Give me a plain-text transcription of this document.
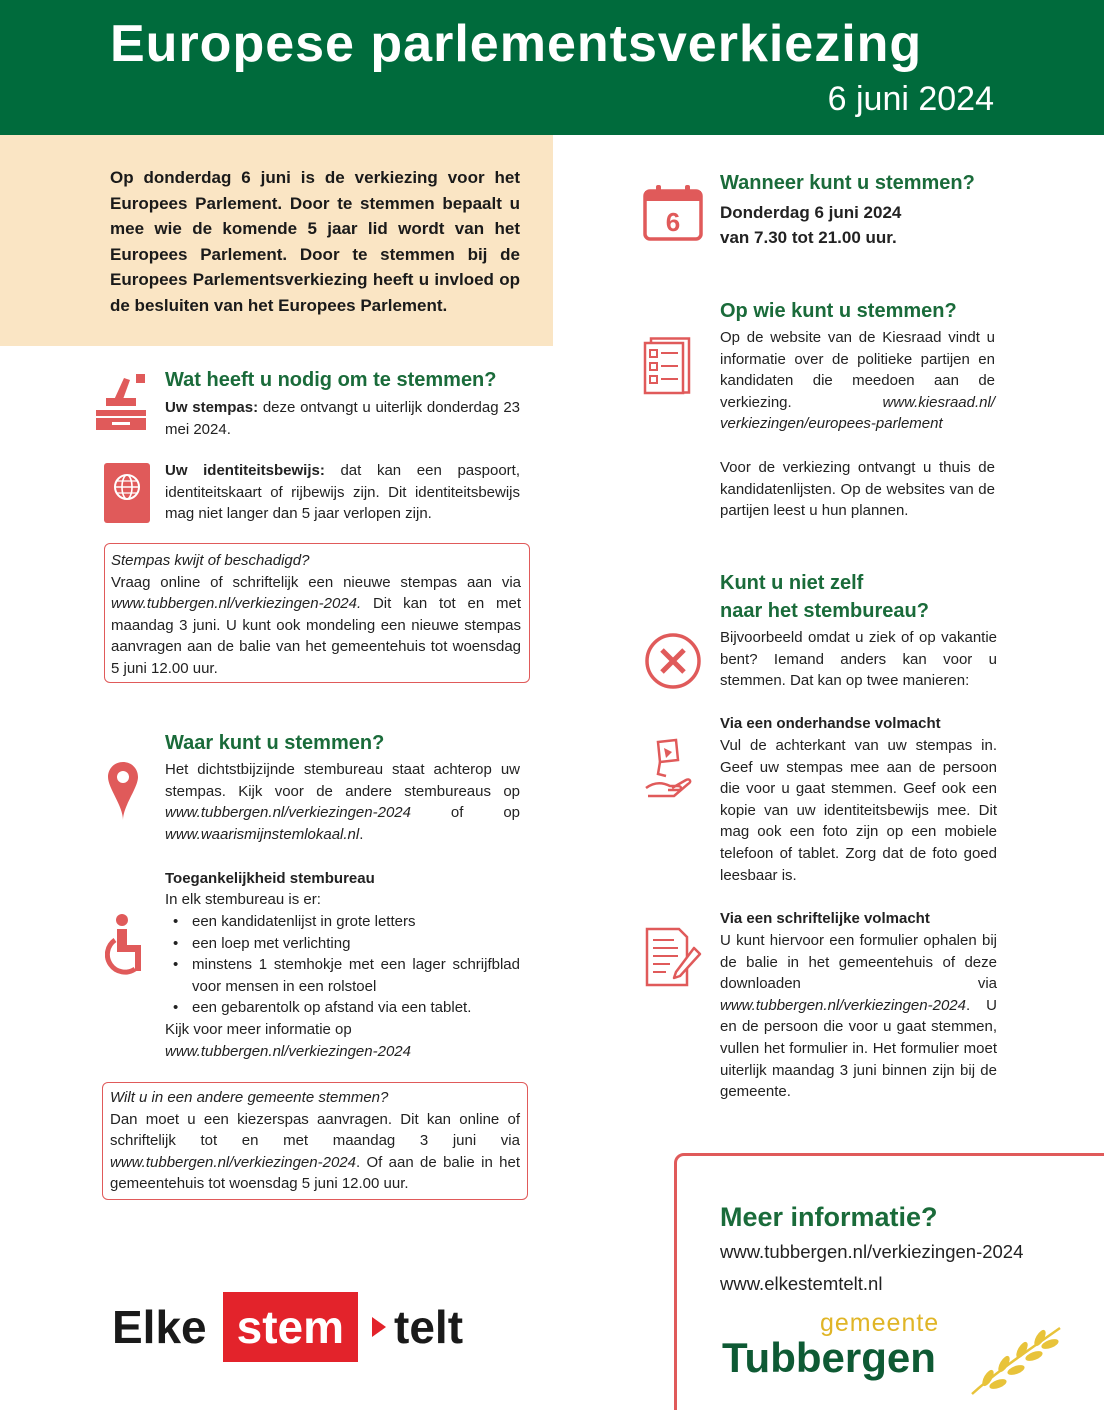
Europese parlementsverkiezing
6 juni 2024

Op donderdag 6 juni is de verkiezing voor het Europees Parlement. Door te stemmen bepaalt u mee wie de komende 5 jaar lid wordt van het Europees Parlement. Door te stemmen bij de Europees Parlementsverkiezing heeft u invloed op de besluiten van het Europees Parlement.

Wat heeft u nodig om te stemmen?
Uw stempas: deze ontvangt u uiterlijk donderdag 23 mei 2024.
Uw identiteitsbewijs: dat kan een paspoort, identiteitskaart of rijbewijs zijn. Dit identiteitsbewijs mag niet langer dan 5 jaar verlopen zijn.
Stempas kwijt of beschadigd?
Vraag online of schriftelijk een nieuwe stempas aan via www.tubbergen.nl/verkiezingen-2024. Dit kan tot en met maandag 3 juni. U kunt ook mondeling een nieuwe stempas aanvragen aan de balie van het gemeentehuis tot woensdag 5 juni 12.00 uur.
Waar kunt u stemmen?
Het dichtstbijzijnde stembureau staat achterop uw stempas. Kijk voor de andere stembureaus op www.tubbergen.nl/verkiezingen-2024 of op www.waarismijnstemlokaal.nl.
Toegankelijkheid stembureau
In elk stembureau is er:
• een kandidatenlijst in grote letters
• een loep met verlichting
• minstens 1 stemhokje met een lager schrijfblad voor mensen in een rolstoel
• een gebarentolk op afstand via een tablet.
Kijk voor meer informatie op
www.tubbergen.nl/verkiezingen-2024
Wilt u in een andere gemeente stemmen?
Dan moet u een kiezerspas aanvragen. Dit kan online of schriftelijk tot en met maandag 3 juni via www.tubbergen.nl/verkiezingen-2024. Of aan de balie in het gemeentehuis tot woensdag 5 juni 12.00 uur.
Elke stem	telt
6
Wanneer kunt u stemmen?
Donderdag 6 juni 2024
van 7.30 tot 21.00 uur.
Op wie kunt u stemmen?
Op de website van de Kiesraad vindt u informatie over de politieke partijen en kandidaten die meedoen aan de verkiezing. www.kiesraad.nl/ verkiezingen/europees-parlement
Voor de verkiezing ontvangt u thuis de kandidatenlijsten. Op de websites van de partijen leest u hun plannen.
Kunt u niet zelf
naar het stembureau?
Bijvoorbeeld omdat u ziek of op vakantie bent? Iemand anders kan voor u stemmen. Dat kan op twee manieren:
Via een onderhandse volmacht
Vul de achterkant van uw stempas in. Geef uw stempas mee aan de persoon die voor u gaat stemmen. Geef ook een kopie van uw identiteitsbewijs mee. Dit mag ook een foto zijn op een mobiele telefoon of tablet. Zorg dat de foto goed leesbaar is.
Via een schriftelijke volmacht
U kunt hiervoor een formulier ophalen bij de balie in het gemeentehuis of deze downloaden via www.tubbergen.nl/verkiezingen-2024. U en de persoon die voor u gaat stemmen, vullen het formulier in. Het formulier moet uiterlijk maandag 3 juni binnen zijn bij de gemeente.
Meer informatie?
www.tubbergen.nl/verkiezingen-2024
www.elkestemtelt.nl
gemeente
Tubbergen
